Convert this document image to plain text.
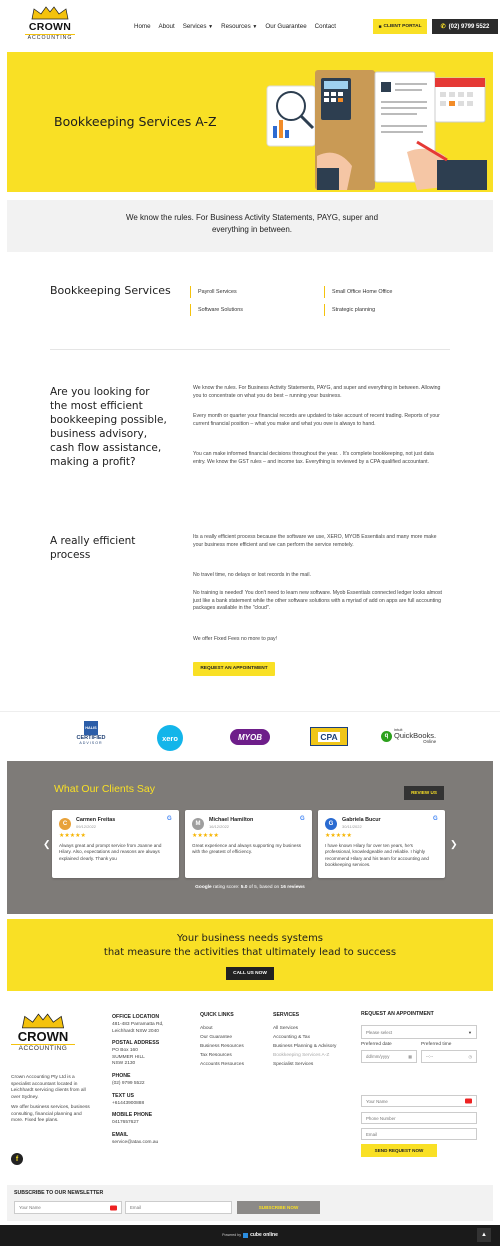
CROWN
ACCOUNTING
Home About Services ▼ Resources ▼ Our Guarantee Contact	■ CLIENT PORTAL	✆ (02) 9799 5522
Bookkeeping Services A-Z
We know the rules. For Business Activity Statements, PAYG, super and everything in between.
Bookkeeping Services	Payroll Services	Small Office Home Office
Software Solutions	Strategic planning
Are you looking for the most efficient bookkeeping possible, business advisory, cash flow assistance, making a profit?
We know the rules. For Business Activity Statements, PAYG, and super and everything in between. Allowing you to concentrate on what you do best – running your business.
Every month or quarter your financial records are updated to take account of recent trading. Reports of your current financial position – what you make and what you owe is always to hand.
You can make informed financial decisions throughout the year. . It's complete bookkeeping, not just data entry. We know the GST rules – and income tax. Everything is reviewed by a CPA qualified accountant.
A really efficient process
Its a really efficient process because the software we use, XERO, MYOB Essentials and many more make your business more efficient and we can perform the service remotely.
No travel time, no delays or lost records in the mail.
No training is needed! You don't need to learn new software. Myob Essentials connected ledger looks almost just like a bank statement while the other software solutions with a myriad of add on apps are full accounting packages available in the "cloud".
We offer Fixed Fees no more to pay!
REQUEST AN APPOINTMENT
HALIS
CERTIFIED
ADVISOR
xero	MYOB	CPA	q
intuit
QuickBooks.
Online
What Our Clients Say	REVIEW US
❮	❯
C
Carmen Freitas
09/12/2022
G
★★★★★
Always great and prompt service from Joanne and Hilary. Also, expectations and reasons are always explained clearly. Thank you
M
Michael Hamilton
16/12/2022
G
★★★★★
Great experience and always supporting my business with the greatest of efficiency.
G
Gabriela Bucur
30/11/2022
G
★★★★★
I have known Hilary for over ten years, he's professional, knowledgeable and reliable. I highly recommend Hilary and his team for accounting and bookkeeping services.
Google rating score: 5.0 of 5, based on 16 reviews
Your business needs systems
that measure the activities that ultimately lead to success
CALL US NOW
CROWN
ACCOUNTING
Crown Accounting Pty Ltd is a specialist accountant located in Leichhardt servicing clients from all over Sydney.
We offer business services, business consulting, financial planning and more. Fixed fee plans.
f
OFFICE LOCATION
481-483 Parramatta Rd, Leichhardt NSW 2040
POSTAL ADDRESS
PO Box 160 SUMMER HILL NSW 2130
PHONE
(02) 9799 5522
TEXT US
+61443900888
MOBILE PHONE
0417657627
EMAIL
service@atax.com.au
QUICK LINKS
About
Our Guarantee
Business Resources
Tax Resources
Accounts Resources
SERVICES
All Services
Accounting & Tax
Business Planning & Advisory
Bookkeeping Services A-Z
Specialist Services
REQUEST AN APPOINTMENT
Please select	▼
Preferred date	Preferred time
dd/mm/yyyy	▦	--:--	◷
Your Name
Phone Number
Email
SEND REQUEST NOW
SUBSCRIBE TO OUR NEWSLETTER
Your Name	Email	SUBSCRIBE NOW
Powered by cube online	▲
